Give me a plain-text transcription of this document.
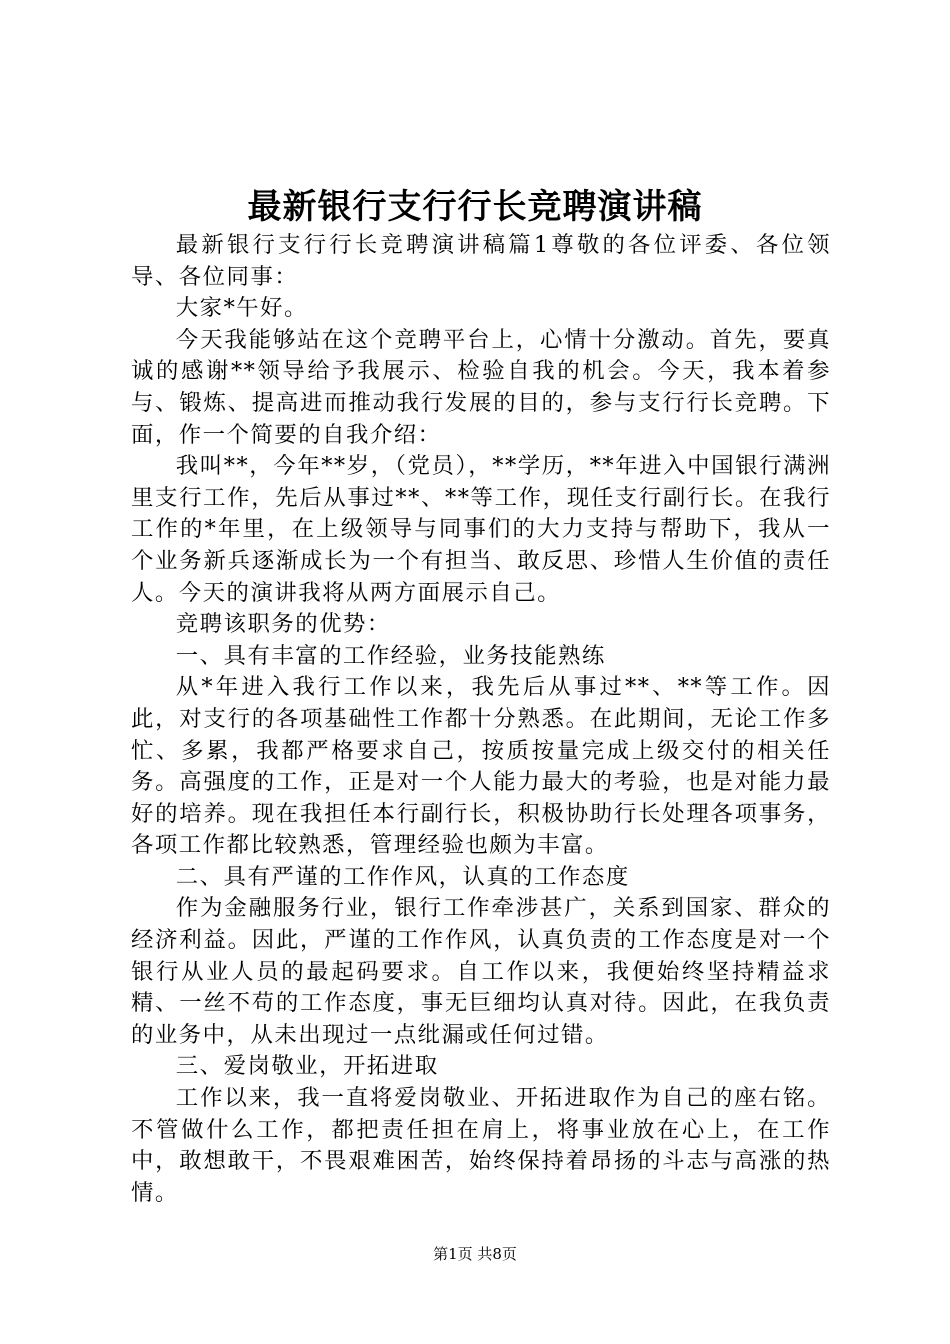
最新银行支行行长竞聘演讲稿

最新银行支行行长竞聘演讲稿篇1尊敬的各位评委、各位领导、各位同事：

大家*午好。

今天我能够站在这个竞聘平台上，心情十分激动。首先，要真诚的感谢**领导给予我展示、检验自我的机会。今天，我本着参与、锻炼、提高进而推动我行发展的目的，参与支行行长竞聘。下面，作一个简要的自我介绍：

我叫**，今年**岁，（党员），**学历，**年进入中国银行满洲里支行工作，先后从事过**、**等工作，现任支行副行长。在我行工作的*年里，在上级领导与同事们的大力支持与帮助下，我从一个业务新兵逐渐成长为一个有担当、敢反思、珍惜人生价值的责任人。今天的演讲我将从两方面展示自己。

竞聘该职务的优势：

一、具有丰富的工作经验，业务技能熟练

从*年进入我行工作以来，我先后从事过**、**等工作。因此，对支行的各项基础性工作都十分熟悉。在此期间，无论工作多忙、多累，我都严格要求自己，按质按量完成上级交付的相关任务。高强度的工作，正是对一个人能力最大的考验，也是对能力最好的培养。现在我担任本行副行长，积极协助行长处理各项事务，各项工作都比较熟悉，管理经验也颇为丰富。

二、具有严谨的工作作风，认真的工作态度

作为金融服务行业，银行工作牵涉甚广，关系到国家、群众的经济利益。因此，严谨的工作作风，认真负责的工作态度是对一个银行从业人员的最起码要求。自工作以来，我便始终坚持精益求精、一丝不苟的工作态度，事无巨细均认真对待。因此，在我负责的业务中，从未出现过一点纰漏或任何过错。

三、爱岗敬业，开拓进取

工作以来，我一直将爱岗敬业、开拓进取作为自己的座右铭。不管做什么工作，都把责任担在肩上，将事业放在心上，在工作中，敢想敢干，不畏艰难困苦，始终保持着昂扬的斗志与高涨的热情。

第1页 共8页
